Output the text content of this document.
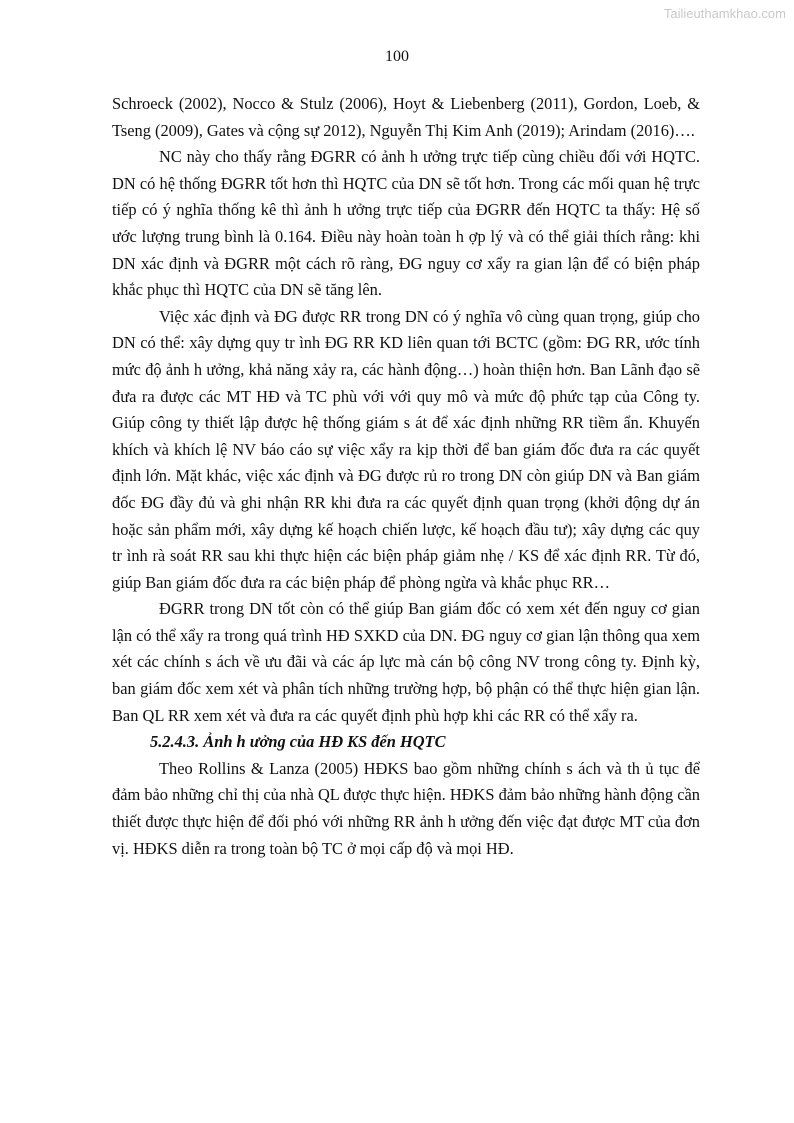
Tailieuthamkhao.com
100

Schroeck (2002), Nocco & Stulz (2006), Hoyt & Liebenberg (2011), Gordon, Loeb, & Tseng (2009), Gates và cộng sự 2012), Nguyễn Thị Kim Anh (2019); Arindam (2016)….

NC này cho thấy rằng ĐGRR có ảnh h ưởng trực tiếp cùng chiều đối với HQTC. DN có hệ thống ĐGRR tốt hơn thì HQTC của DN sẽ tốt hơn. Trong các mối quan hệ trực tiếp có ý nghĩa thống kê thì ảnh h ưởng trực tiếp của ĐGRR đến HQTC ta thấy: Hệ số ước lượng trung bình là 0.164. Điều này hoàn toàn h ợp lý và có thể giải thích rằng: khi DN xác định và ĐGRR một cách rõ ràng, ĐG nguy cơ xẩy ra gian lận để có biện pháp khắc phục thì HQTC của DN sẽ tăng lên.

Việc xác định và ĐG được RR trong DN có ý nghĩa vô cùng quan trọng, giúp cho DN có thể: xây dựng quy tr ình ĐG RR KD liên quan tới BCTC (gồm: ĐG RR, ước tính mức độ ảnh h ưởng, khả năng xảy ra, các hành động…) hoàn thiện hơn. Ban Lãnh đạo sẽ đưa ra được các MT HĐ và TC phù với với quy mô và mức độ phức tạp của Công ty. Giúp công ty thiết lập được hệ thống giám s át để xác định những RR tiềm ẩn. Khuyến khích và khích lệ NV báo cáo sự việc xẩy ra kịp thời để ban giám đốc đưa ra các quyết định lớn. Mặt khác, việc xác định và ĐG được rủ ro trong DN còn giúp DN và Ban giám đốc ĐG đầy đủ và ghi nhận RR khi đưa ra các quyết định quan trọng (khởi động dự án hoặc sản phẩm mới, xây dựng kế hoạch chiến lược, kế hoạch đầu tư); xây dựng các quy tr ình rà soát RR sau khi thực hiện các biện pháp giảm nhẹ / KS để xác định RR. Từ đó, giúp Ban giám đốc đưa ra các biện pháp để phòng ngừa và khắc phục RR…

ĐGRR trong DN tốt còn có thể giúp Ban giám đốc có xem xét đến nguy cơ gian lận có thể xẩy ra trong quá trình HĐ SXKD của DN. ĐG nguy cơ gian lận thông qua xem xét các chính s ách về ưu đãi và các áp lực mà cán bộ công NV trong công ty. Định kỳ, ban giám đốc xem xét và phân tích những trường hợp, bộ phận có thể thực hiện gian lận. Ban QL RR xem xét và đưa ra các quyết định phù hợp khi các RR có thể xẩy ra.

5.2.4.3. Ảnh h ưởng của HĐ KS đến HQTC

Theo Rollins & Lanza (2005) HĐKS bao gồm những chính s ách và th ủ tục để đảm bảo những chỉ thị của nhà QL được thực hiện. HĐKS đảm bảo những hành động cần thiết được thực hiện để đối phó với những RR ảnh h ưởng đến việc đạt được MT của đơn vị. HĐKS diễn ra trong toàn bộ TC ở mọi cấp độ và mọi HĐ.
